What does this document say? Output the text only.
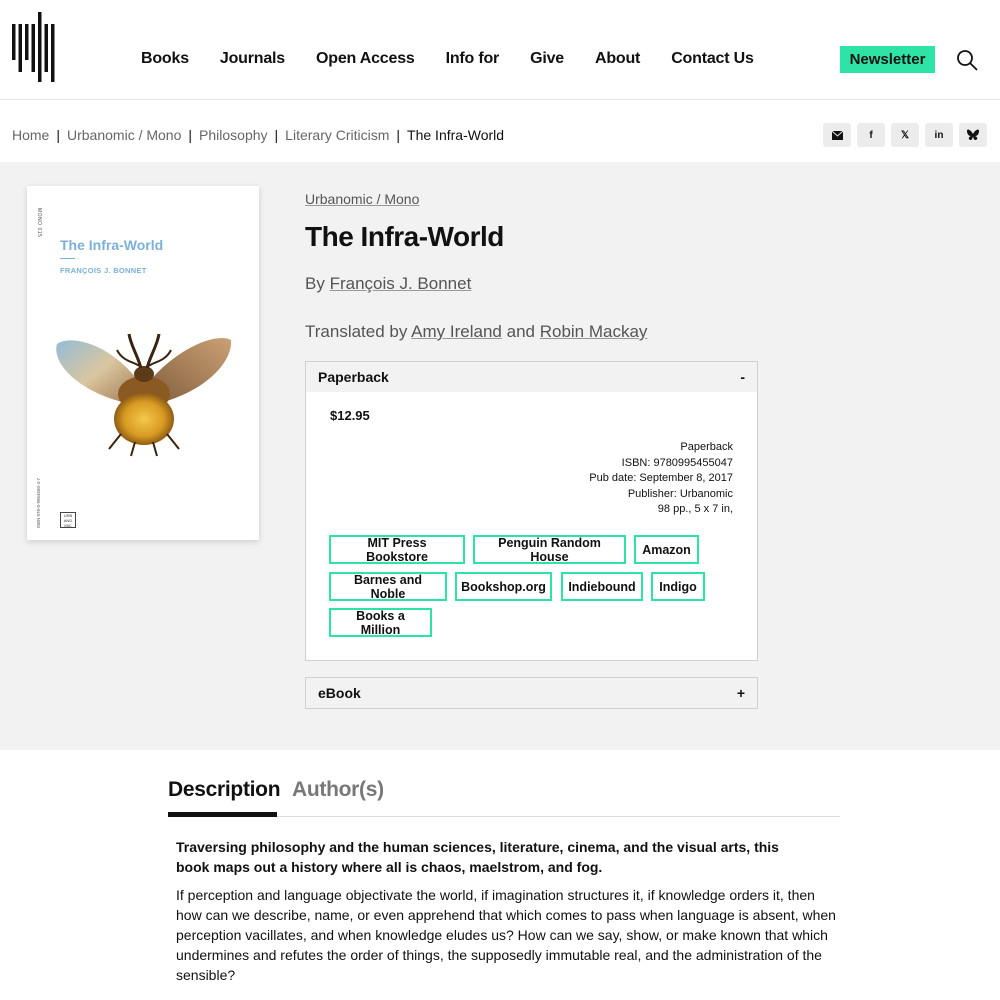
Books Journals Open Access Info for Give About Contact Us	Newsletter
Home | Urbanomic / Mono | Philosophy | Literary Criticism | The Infra-World	f	𝕏	in
MONO 015
The Infra-World
FRANÇOIS J. BONNET
ISBN 978-0-9954550-4-7	URB AND MIC
Urbanomic / Mono
The Infra-World
By François J. Bonnet
Translated by Amy Ireland and Robin Mackay
Paperback	-
$12.95
Paperback
ISBN: 9780995455047
Pub date: September 8, 2017
Publisher: Urbanomic
98 pp., 5 x 7 in,
MIT Press Bookstore
Penguin Random House	Amazon
Barnes and Noble	Bookshop.org	Indiebound	Indigo
Books a Million
eBook	+
Description Author(s)

Traversing philosophy and the human sciences, literature, cinema, and the visual arts, this book maps out a history where all is chaos, maelstrom, and fog.

If perception and language objectivate the world, if imagination structures it, if knowledge orders it, then how can we describe, name, or even apprehend that which comes to pass when language is absent, when perception vacillates, and when knowledge eludes us? How can we say, show, or make known that which undermines and refutes the order of things, the supposedly immutable real, and the administration of the sensible?
